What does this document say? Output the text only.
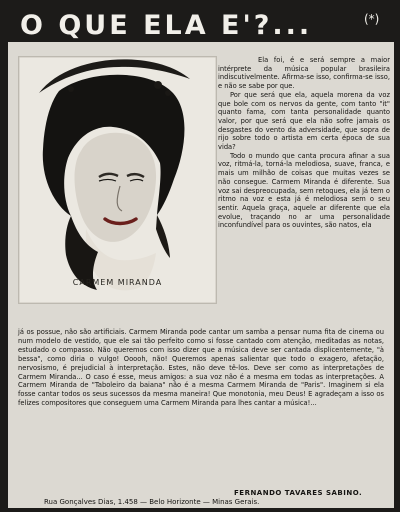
O QUE ELA E'?...	(*)
CARMEM MIRANDA

Ela foi, é e será sempre a maior intérprete da música popular brasileira indiscutivelmente. Afirma-se isso, confirma-se isso, e não se sabe por que.

Por que será que ela, aquela morena da voz que bole com os nervos da gente, com tanto "it" quanto fama, com tanta personalidade quanto valor, por que será que ela não sofre jamais os desgastes do vento da adversidade, que sopra de rijo sobre todo o artista em certa época de sua vida?

Todo o mundo que canta procura afinar a sua voz, ritmá-la, torná-la melodiosa, suave, franca, e mais um milhão de coisas que muitas vezes se não consegue. Carmem Miranda é diferente. Sua voz sai despreocupada, sem retoques, ela já tem o ritmo na voz e esta já é melodiosa sem o seu sentir. Aquela graça, aquele ar diferente que ela evolue, traçando no ar uma personalidade inconfundível para os ouvintes, são natos, ela

já os possue, não são artificiais. Carmem Miranda pode cantar um samba a pensar numa fita de cinema ou num modelo de vestido, que ele sai tão perfeito como si fosse cantado com atenção, meditadas as notas, estudado o compasso. Não queremos com isso dizer que a música deve ser cantada displicentemente, "à bessa", como diria o vulgo! Ooooh, não! Queremos apenas salientar que todo o exagero, afetação, nervosismo, é prejudicial à interpretação. Estes, não deve tê-los. Deve ser como as interpretações de Carmem Miranda... O caso é esse, meus amigos: a sua voz não é a mesma em todas as interpretações. A Carmem Miranda de "Taboleiro da baiana" não é a mesma Carmem Miranda de "Paris". Imaginem si ela fosse cantar todos os seus sucessos da mesma maneira! Que monotonia, meu Deus! E agradeçam a isso os felizes compositores que conseguem uma Carmem Miranda para lhes cantar a música!...

Rua Gonçalves Dias, 1.458 — Belo Horizonte — Minas Gerais.
FERNANDO TAVARES SABINO.
